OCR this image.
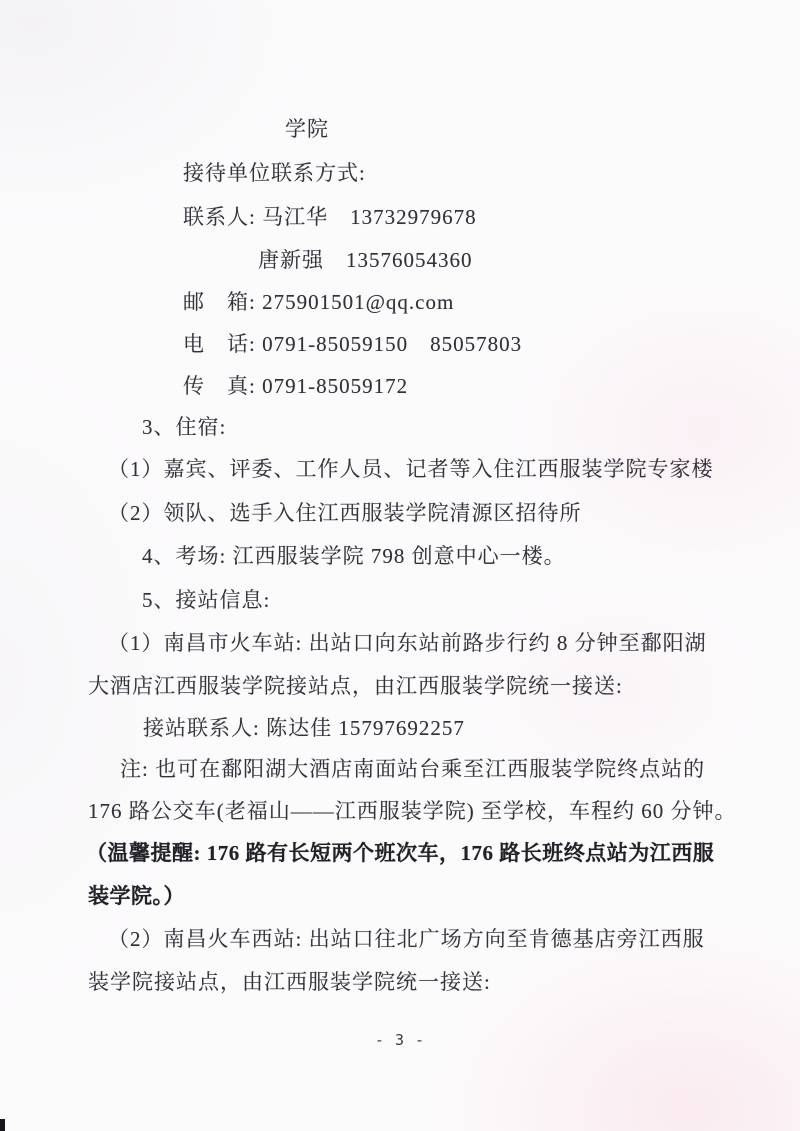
学院
接待单位联系方式:
联系人: 马江华　13732979678
唐新强　13576054360
邮　箱: 275901501@qq.com
电　话: 0791-85059150　85057803
传　真: 0791-85059172
3、住宿:
（1）嘉宾、评委、工作人员、记者等入住江西服装学院专家楼
（2）领队、选手入住江西服装学院清源区招待所
4、考场: 江西服装学院 798 创意中心一楼。
5、接站信息:
（1）南昌市火车站: 出站口向东站前路步行约 8 分钟至鄱阳湖
大酒店江西服装学院接站点，由江西服装学院统一接送:
接站联系人: 陈达佳 15797692257
注: 也可在鄱阳湖大酒店南面站台乘至江西服装学院终点站的
176 路公交车(老福山——江西服装学院) 至学校，车程约 60 分钟。
（温馨提醒: 176 路有长短两个班次车，176 路长班终点站为江西服
装学院。）
（2）南昌火车西站: 出站口往北广场方向至肯德基店旁江西服
装学院接站点，由江西服装学院统一接送:
- 3 -
